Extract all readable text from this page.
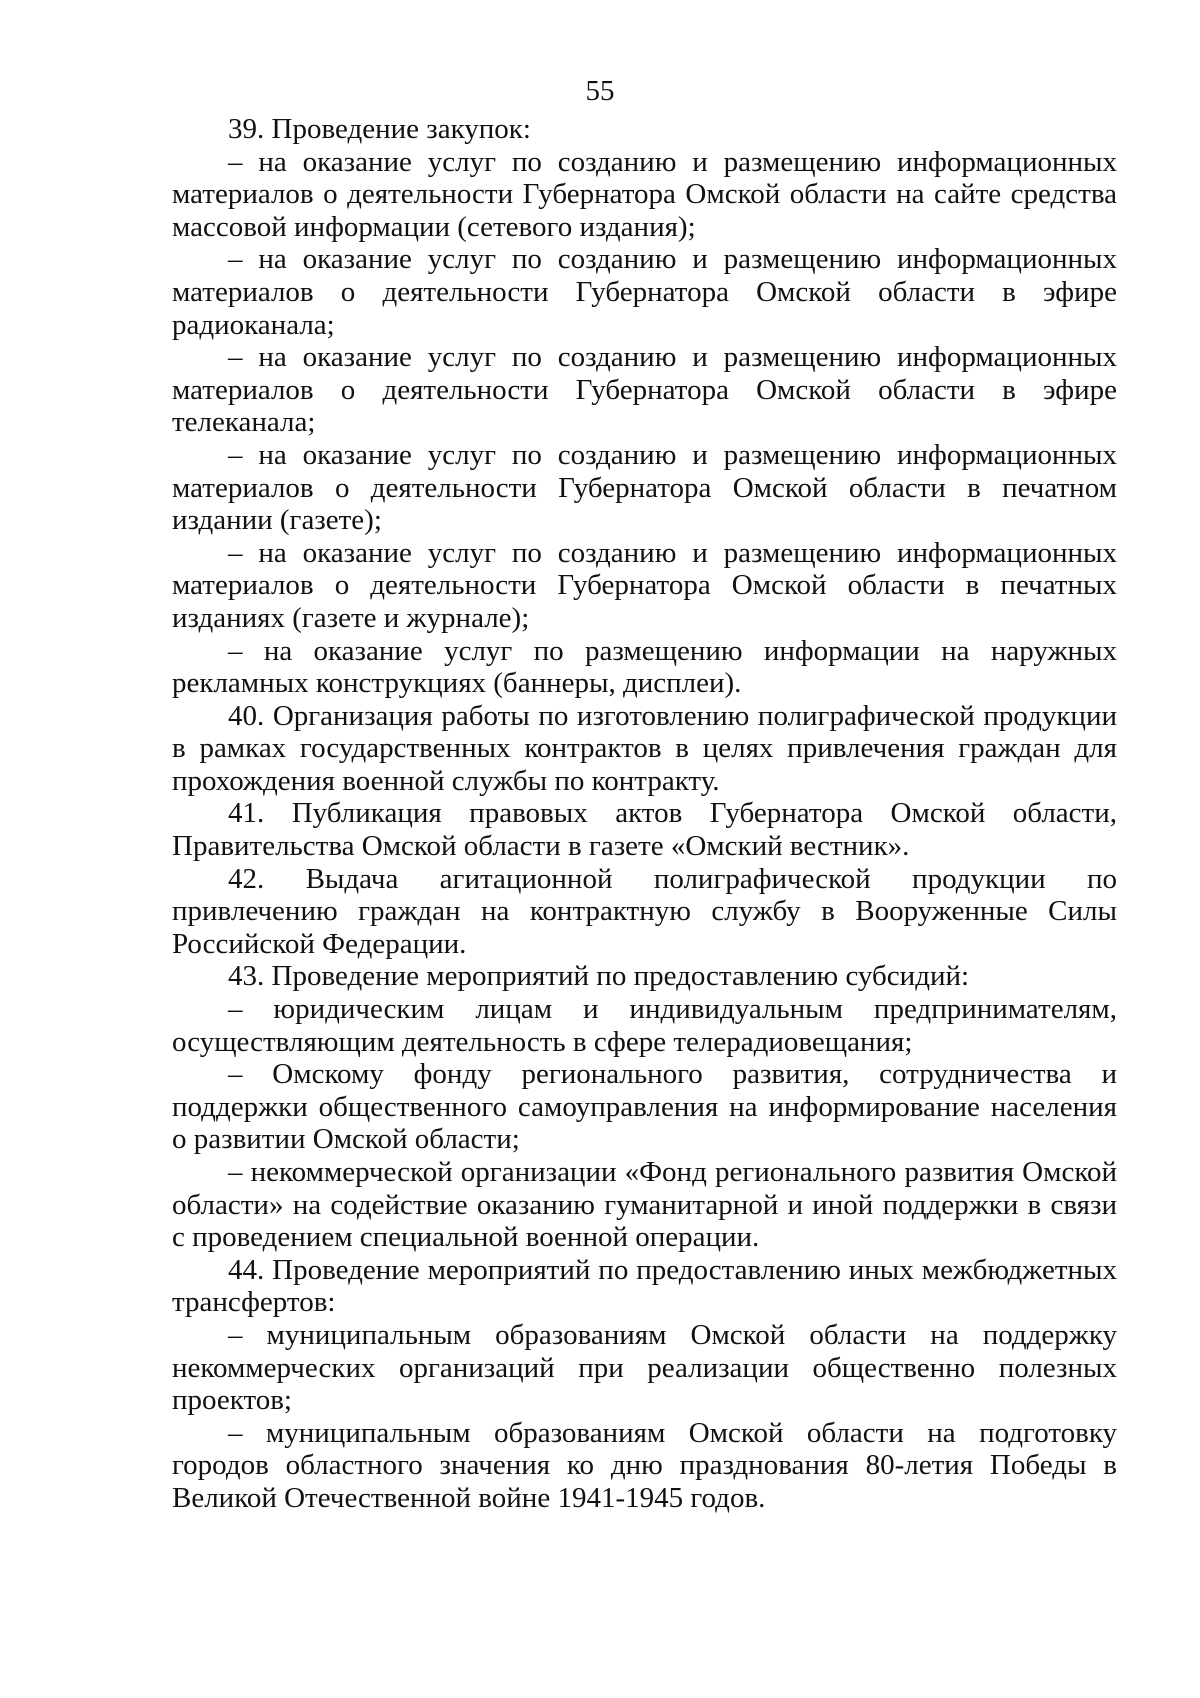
55

39. Проведение закупок:

– на оказание услуг по созданию и размещению информационных материалов о деятельности Губернатора Омской области на сайте средства массовой информации (сетевого издания);

– на оказание услуг по созданию и размещению информационных материалов о деятельности Губернатора Омской области в эфире радиоканала;

– на оказание услуг по созданию и размещению информационных материалов о деятельности Губернатора Омской области в эфире телеканала;

– на оказание услуг по созданию и размещению информационных материалов о деятельности Губернатора Омской области в печатном издании (газете);

– на оказание услуг по созданию и размещению информационных материалов о деятельности Губернатора Омской области в печатных изданиях (газете и журнале);

– на оказание услуг по размещению информации на наружных рекламных конструкциях (баннеры, дисплеи).

40. Организация работы по изготовлению полиграфической продукции в рамках государственных контрактов в целях привлечения граждан для прохождения военной службы по контракту.

41. Публикация правовых актов Губернатора Омской области, Правительства Омской области в газете «Омский вестник».

42. Выдача агитационной полиграфической продукции по привлечению граждан на контрактную службу в Вооруженные Силы Российской Федерации.

43. Проведение мероприятий по предоставлению субсидий:

– юридическим лицам и индивидуальным предпринимателям, осуществляющим деятельность в сфере телерадиовещания;

– Омскому фонду регионального развития, сотрудничества и поддержки общественного самоуправления на информирование населения о развитии Омской области;

– некоммерческой организации «Фонд регионального развития Омской области» на содействие оказанию гуманитарной и иной поддержки в связи с проведением специальной военной операции.

44. Проведение мероприятий по предоставлению иных межбюджетных трансфертов:

– муниципальным образованиям Омской области на поддержку некоммерческих организаций при реализации общественно полезных проектов;

– муниципальным образованиям Омской области на подготовку городов областного значения ко дню празднования 80-летия Победы в Великой Отечественной войне 1941-1945 годов.
